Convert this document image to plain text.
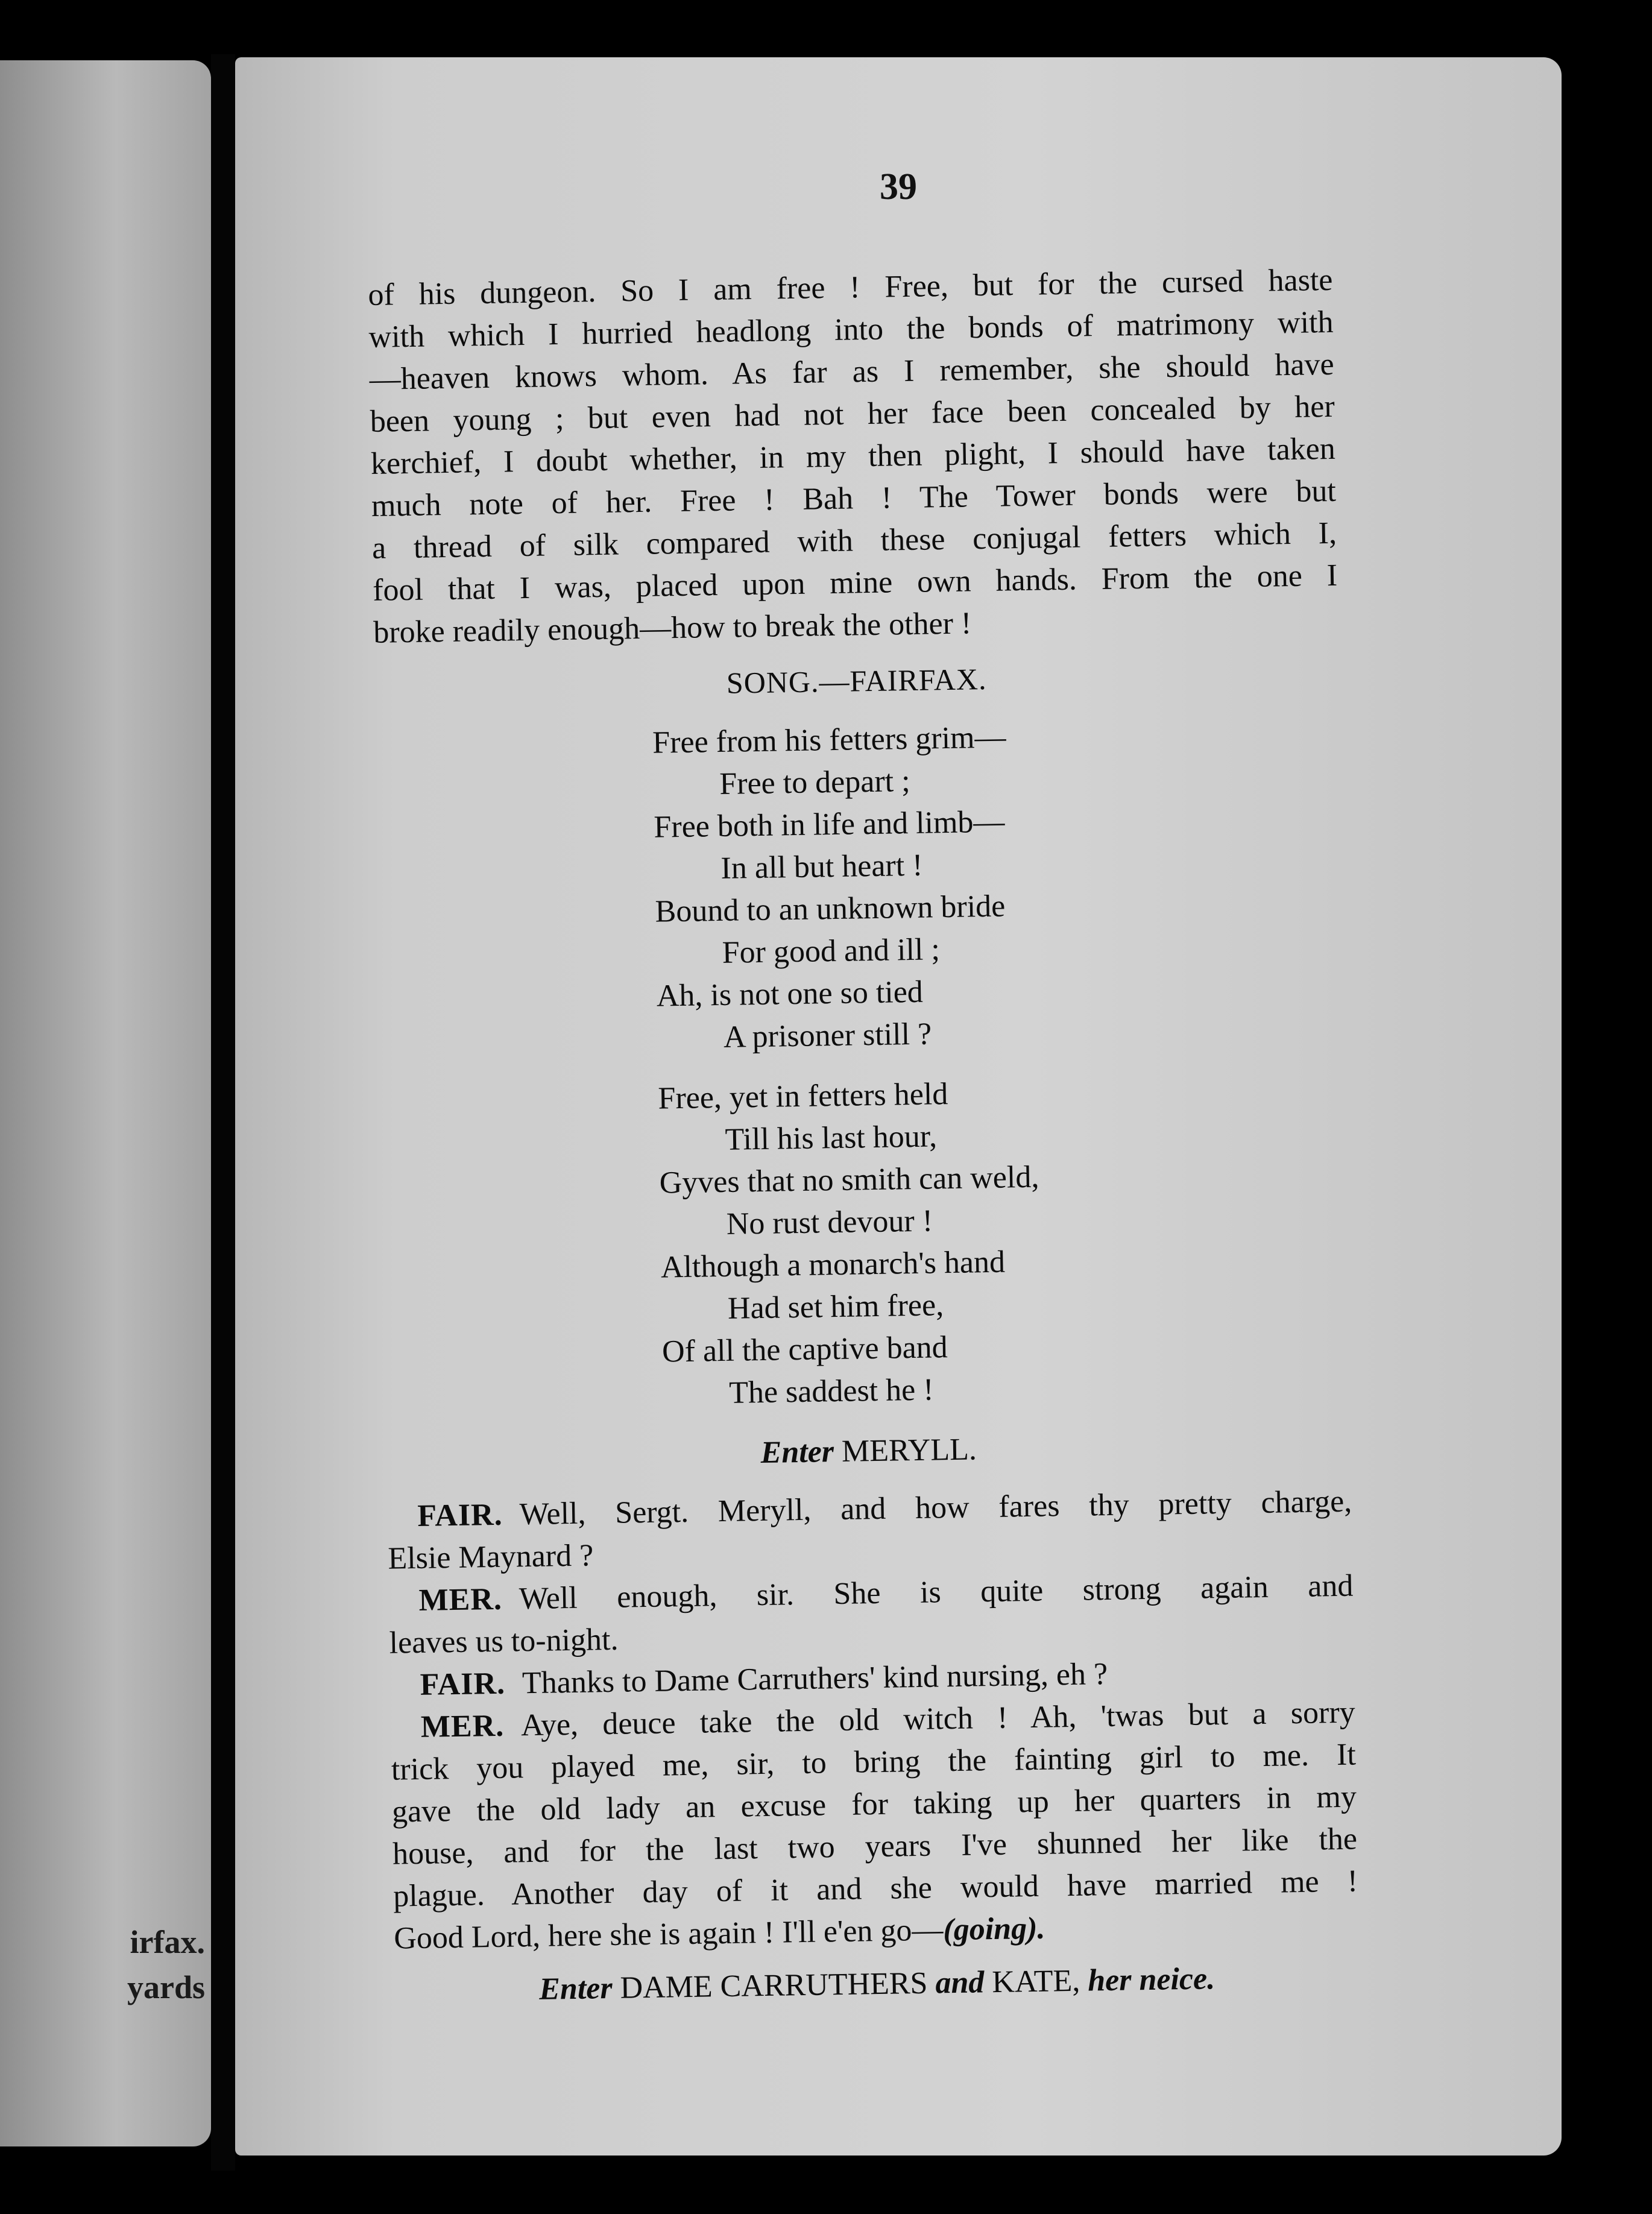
irfax.
yards
39

of his dungeon. So I am free ! Free, but for the cursed haste

with which I hurried headlong into the bonds of matrimony with

—heaven knows whom. As far as I remember, she should have

been young ; but even had not her face been concealed by her

kerchief, I doubt whether, in my then plight, I should have taken

much note of her. Free ! Bah ! The Tower bonds were but

a thread of silk compared with these conjugal fetters which I,

fool that I was, placed upon mine own hands. From the one I

broke readily enough—how to break the other !

SONG.—FAIRFAX.
Free from his fetters grim—
Free to depart ;
Free both in life and limb—
In all but heart !
Bound to an unknown bride
For good and ill ;
Ah, is not one so tied
A prisoner still ?
Free, yet in fetters held
Till his last hour,
Gyves that no smith can weld,
No rust devour !
Although a monarch's hand
Had set him free,
Of all the captive band
The saddest he !
Enter MERYLL.

FAIR. Well, Sergt. Meryll, and how fares thy pretty charge,

Elsie Maynard ?

MER. Well enough, sir. She is quite strong again and

leaves us to-night.

FAIR. Thanks to Dame Carruthers' kind nursing, eh ?

MER. Aye, deuce take the old witch ! Ah, 'twas but a sorry

trick you played me, sir, to bring the fainting girl to me. It

gave the old lady an excuse for taking up her quarters in my

house, and for the last two years I've shunned her like the

plague. Another day of it and she would have married me !

Good Lord, here she is again ! I'll e'en go—(going).

Enter DAME CARRUTHERS and KATE, her neice.
